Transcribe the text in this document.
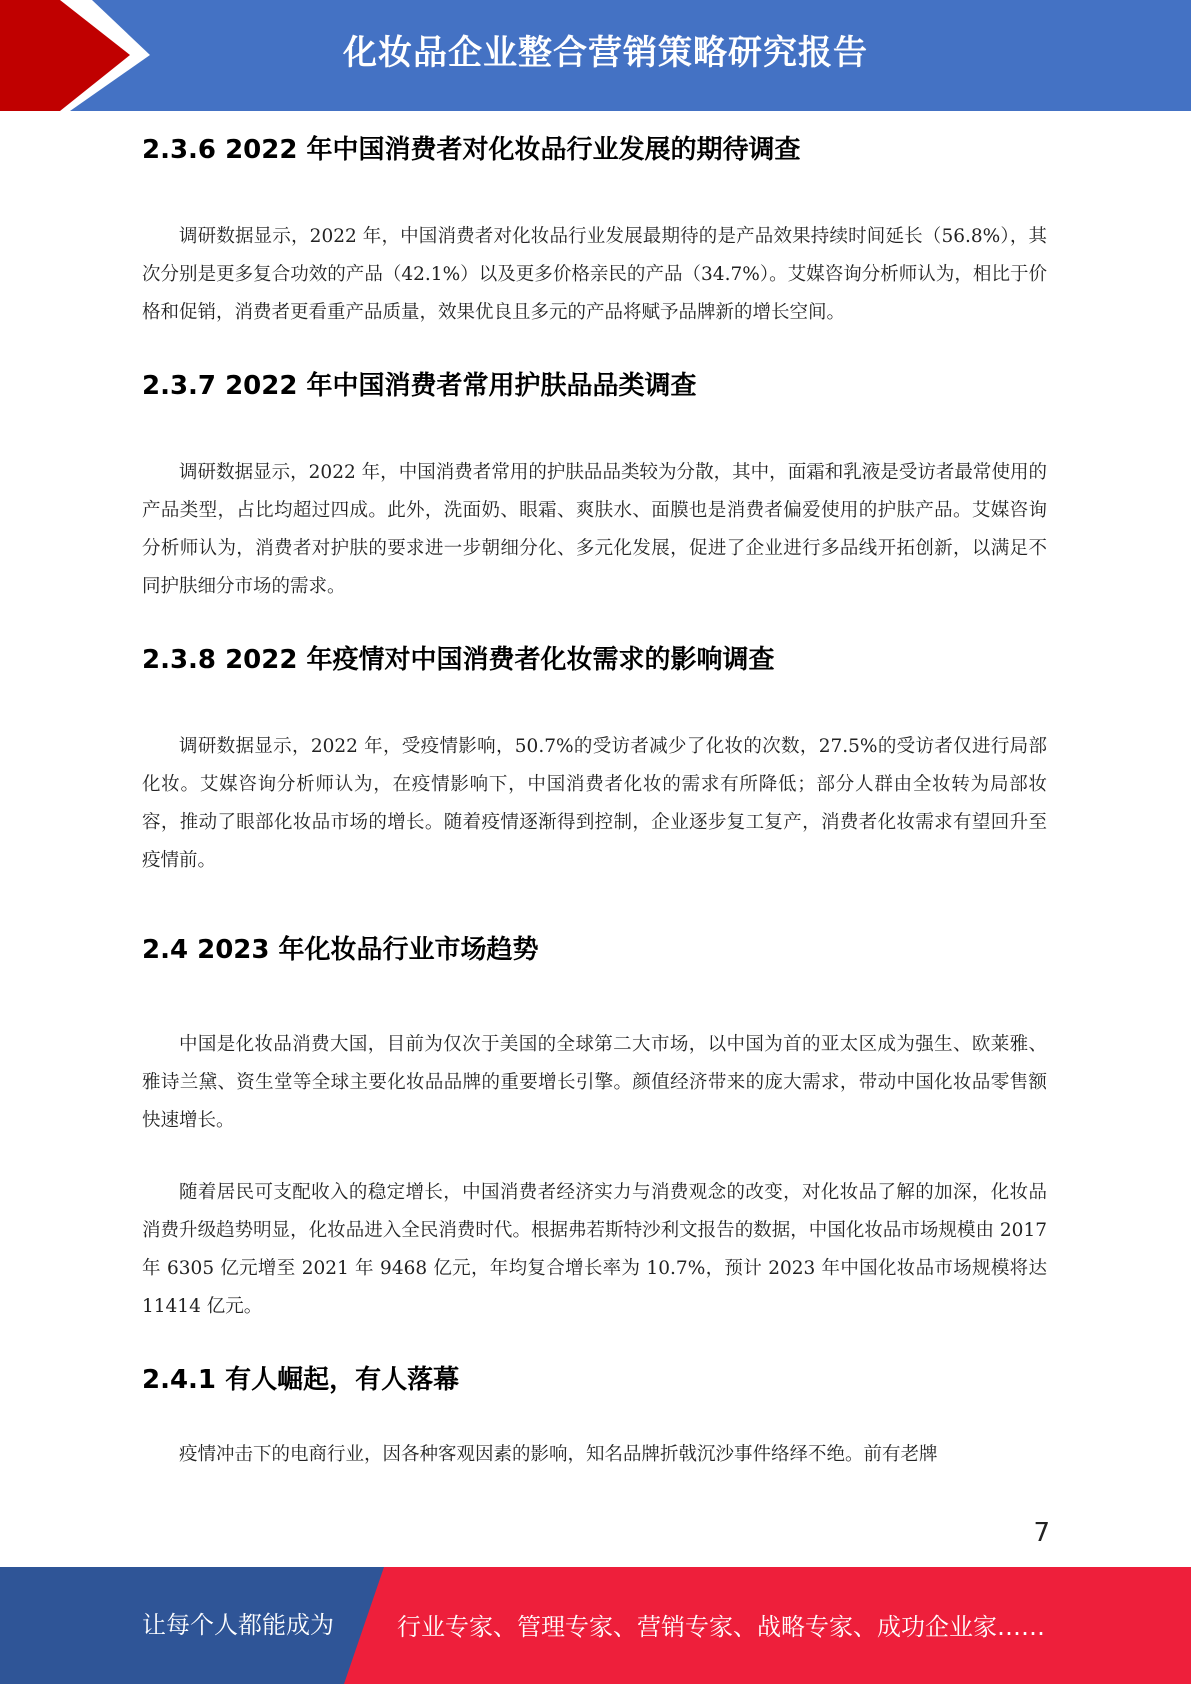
化妆品企业整合营销策略研究报告
2.3.6 2022 年中国消费者对化妆品行业发展的期待调查

调研数据显示，2022 年，中国消费者对化妆品行业发展最期待的是产品效果持续时间延长（56.8%），其次分别是更多复合功效的产品（42.1%）以及更多价格亲民的产品（34.7%）。艾媒咨询分析师认为，相比于价格和促销，消费者更看重产品质量，效果优良且多元的产品将赋予品牌新的增长空间。

2.3.7 2022 年中国消费者常用护肤品品类调查

调研数据显示，2022 年，中国消费者常用的护肤品品类较为分散，其中，面霜和乳液是受访者最常使用的产品类型，占比均超过四成。此外，洗面奶、眼霜、爽肤水、面膜也是消费者偏爱使用的护肤产品。艾媒咨询分析师认为，消费者对护肤的要求进一步朝细分化、多元化发展，促进了企业进行多品线开拓创新，以满足不同护肤细分市场的需求。

2.3.8 2022 年疫情对中国消费者化妆需求的影响调查

调研数据显示，2022 年，受疫情影响，50.7%的受访者减少了化妆的次数，27.5%的受访者仅进行局部化妆。艾媒咨询分析师认为，在疫情影响下，中国消费者化妆的需求有所降低；部分人群由全妆转为局部妆容，推动了眼部化妆品市场的增长。随着疫情逐渐得到控制，企业逐步复工复产，消费者化妆需求有望回升至疫情前。

2.4 2023 年化妆品行业市场趋势

中国是化妆品消费大国，目前为仅次于美国的全球第二大市场，以中国为首的亚太区成为强生、欧莱雅、雅诗兰黛、资生堂等全球主要化妆品品牌的重要增长引擎。颜值经济带来的庞大需求，带动中国化妆品零售额快速增长。

随着居民可支配收入的稳定增长，中国消费者经济实力与消费观念的改变，对化妆品了解的加深，化妆品消费升级趋势明显，化妆品进入全民消费时代。根据弗若斯特沙利文报告的数据，中国化妆品市场规模由 2017 年 6305 亿元增至 2021 年 9468 亿元，年均复合增长率为 10.7%，预计 2023 年中国化妆品市场规模将达 11414 亿元。

2.4.1 有人崛起，有人落幕

疫情冲击下的电商行业，因各种客观因素的影响，知名品牌折戟沉沙事件络绎不绝。前有老牌

7
让每个人都能成为	行业专家、管理专家、营销专家、战略专家、成功企业家……
